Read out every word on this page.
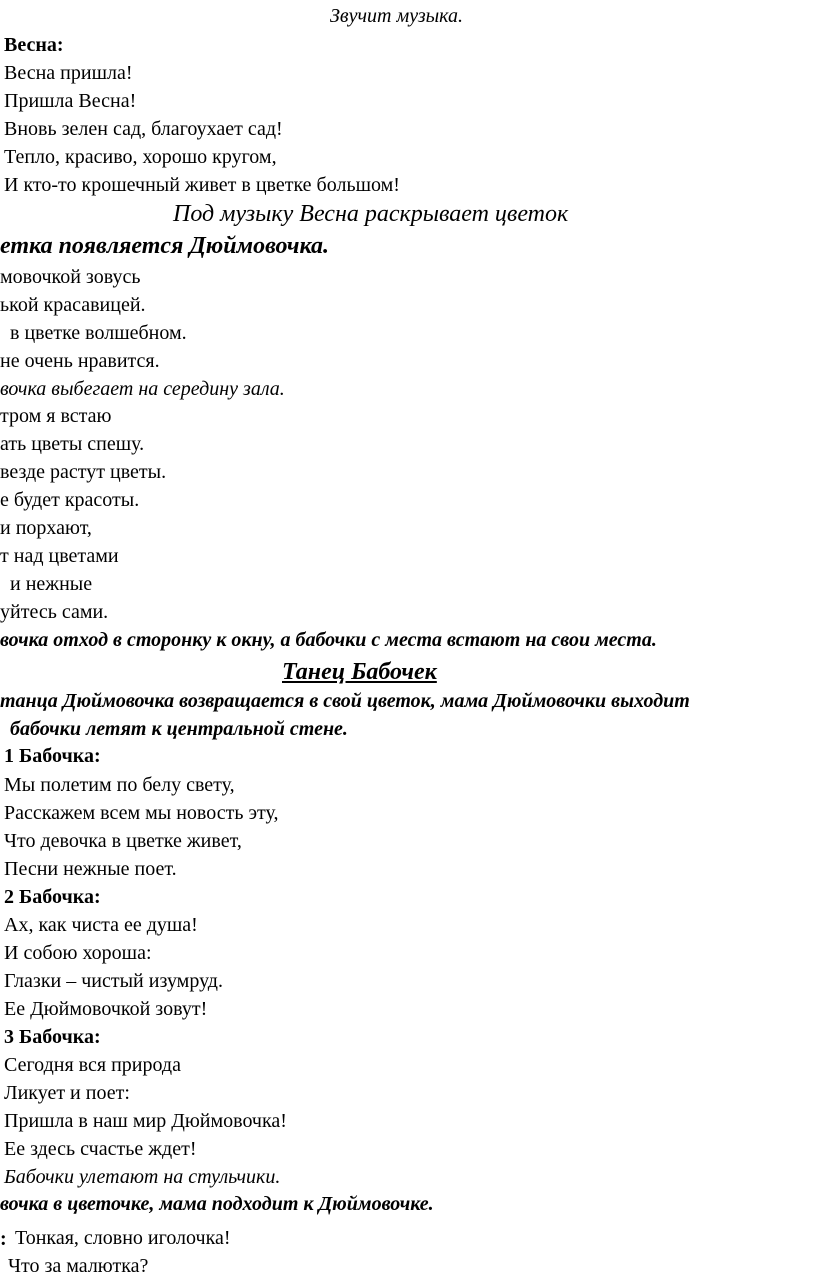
Звучит музыка.
Весна:
Весна пришла!
Пришла Весна!
Вновь зелен сад, благоухает сад!
Тепло, красиво, хорошо кругом,
И кто-то крошечный живет в цветке большом!
Под музыку Весна раскрывает цветок
етка появляется Дюймовочка.
мовочкой зовусь
ькой красавицей.
в цветке волшебном.
не очень нравится.
вочка выбегает на середину зала.
тром я встаю
ать цветы спешу.
везде растут цветы.
е будет красоты.
и порхают,
т над цветами
и нежные
уйтесь сами.
вочка отход в сторонку к окну, а бабочки с места встают на свои места.
Танец Бабочек
танца Дюймовочка возвращается в свой цветок, мама Дюймовочки выходит
бабочки летят к центральной стене.
1 Бабочка:
Мы полетим по белу свету,
Расскажем всем мы новость эту,
Что девочка в цветке живет,
Песни нежные поет.
2 Бабочка:
Ах, как чиста ее душа!
И собою хороша:
Глазки – чистый изумруд.
Ее Дюймовочкой зовут!
3 Бабочка:
Сегодня вся природа
Ликует и поет:
Пришла в наш мир Дюймовочка!
Ее здесь счастье ждет!
Бабочки улетают на стульчики.
вочка в цветочке, мама подходит к Дюймовочке.
: Тонкая, словно иголочка!
Что за малютка?
